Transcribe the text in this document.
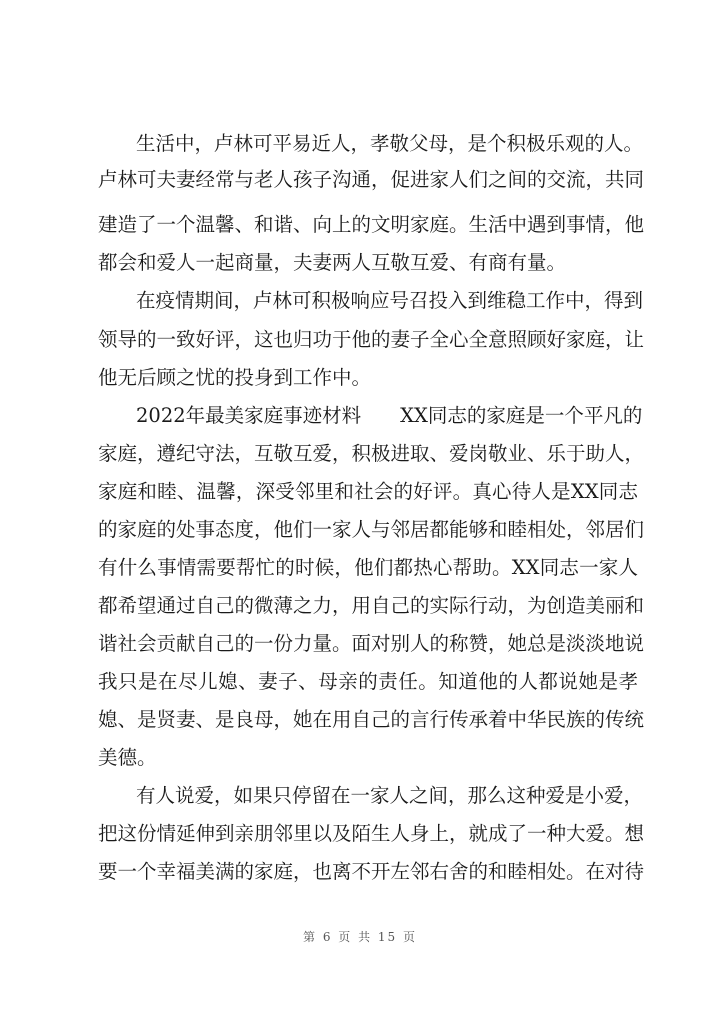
生活中，卢林可平易近人，孝敬父母，是个积极乐观的人。
卢林可夫妻经常与老人孩子沟通，促进家人们之间的交流，共同
建造了一个温馨、和谐、向上的文明家庭。生活中遇到事情，他
都会和爱人一起商量，夫妻两人互敬互爱、有商有量。
在疫情期间，卢林可积极响应号召投入到维稳工作中，得到
领导的一致好评，这也归功于他的妻子全心全意照顾好家庭，让
他无后顾之忧的投身到工作中。
2022年最美家庭事迹材料　　XX同志的家庭是一个平凡的
家庭，遵纪守法，互敬互爱，积极进取、爱岗敬业、乐于助人，
家庭和睦、温馨，深受邻里和社会的好评。真心待人是XX同志
的家庭的处事态度，他们一家人与邻居都能够和睦相处，邻居们
有什么事情需要帮忙的时候，他们都热心帮助。XX同志一家人
都希望通过自己的微薄之力，用自己的实际行动，为创造美丽和
谐社会贡献自己的一份力量。面对别人的称赞，她总是淡淡地说
我只是在尽儿媳、妻子、母亲的责任。知道他的人都说她是孝
媳、是贤妻、是良母，她在用自己的言行传承着中华民族的传统
美德。
有人说爱，如果只停留在一家人之间，那么这种爱是小爱，
把这份情延伸到亲朋邻里以及陌生人身上，就成了一种大爱。想
要一个幸福美满的家庭，也离不开左邻右舍的和睦相处。在对待
第 6 页 共 15 页
